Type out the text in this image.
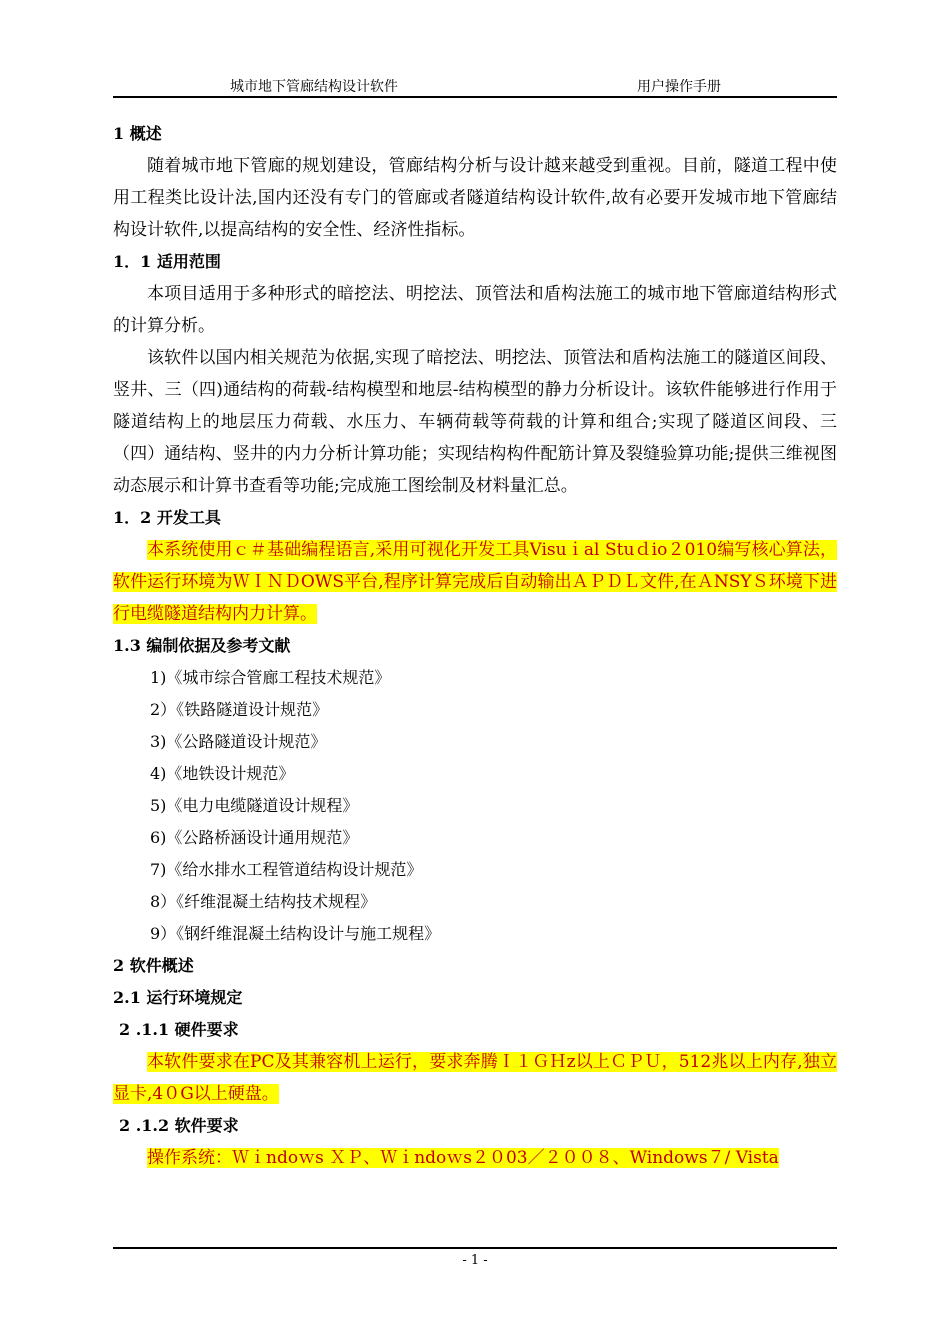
城市地下管廊结构设计软件	用户操作手册

1 概述

随着城市地下管廊的规划建设，管廊结构分析与设计越来越受到重视。目前，隧道工程中使用工程类比设计法,国内还没有专门的管廊或者隧道结构设计软件,故有必要开发城市地下管廊结构设计软件,以提高结构的安全性、经济性指标。

1．1 适用范围

本项目适用于多种形式的暗挖法、明挖法、顶管法和盾构法施工的城市地下管廊道结构形式的计算分析。

该软件以国内相关规范为依据,实现了暗挖法、明挖法、顶管法和盾构法施工的隧道区间段、竖井、三（四)通结构的荷载-结构模型和地层-结构模型的静力分析设计。该软件能够进行作用于隧道结构上的地层压力荷载、水压力、车辆荷载等荷载的计算和组合;实现了隧道区间段、三（四）通结构、竖井的内力分析计算功能；实现结构构件配筋计算及裂缝验算功能;提供三维视图动态展示和计算书查看等功能;完成施工图绘制及材料量汇总。

1．2 开发工具

本系统使用ｃ＃基础编程语言,采用可视化开发工具Visuｉal Stuｄio２010编写核心算法， 软件运行环境为ＷＩＮＤOWS平台,程序计算完成后自动输出ＡＰＤＬ文件,在ＡNSYＳ环境下进行电缆隧道结构内力计算。

1.3 编制依据及参考文献

1)《城市综合管廊工程技术规范》
2）《铁路隧道设计规范》
3)《公路隧道设计规范》
4)《地铁设计规范》
5)《电力电缆隧道设计规程》
6)《公路桥涵设计通用规范》
7)《给水排水工程管道结构设计规范》
8）《纤维混凝土结构技术规程》
9）《钢纤维混凝土结构设计与施工规程》

2 软件概述

2.1 运行环境规定

2 .1.1 硬件要求

本软件要求在PC及其兼容机上运行，要求奔腾Ｉ１ＧＨz以上ＣＰＵ，512兆以上内存,独立显卡,4０G以上硬盘。

2 .1.2 软件要求

操作系统：Ｗｉndoｗs ＸＰ、Ｗｉndoｗs２０03／２００８、Windows７/ Vista

- 1 -
